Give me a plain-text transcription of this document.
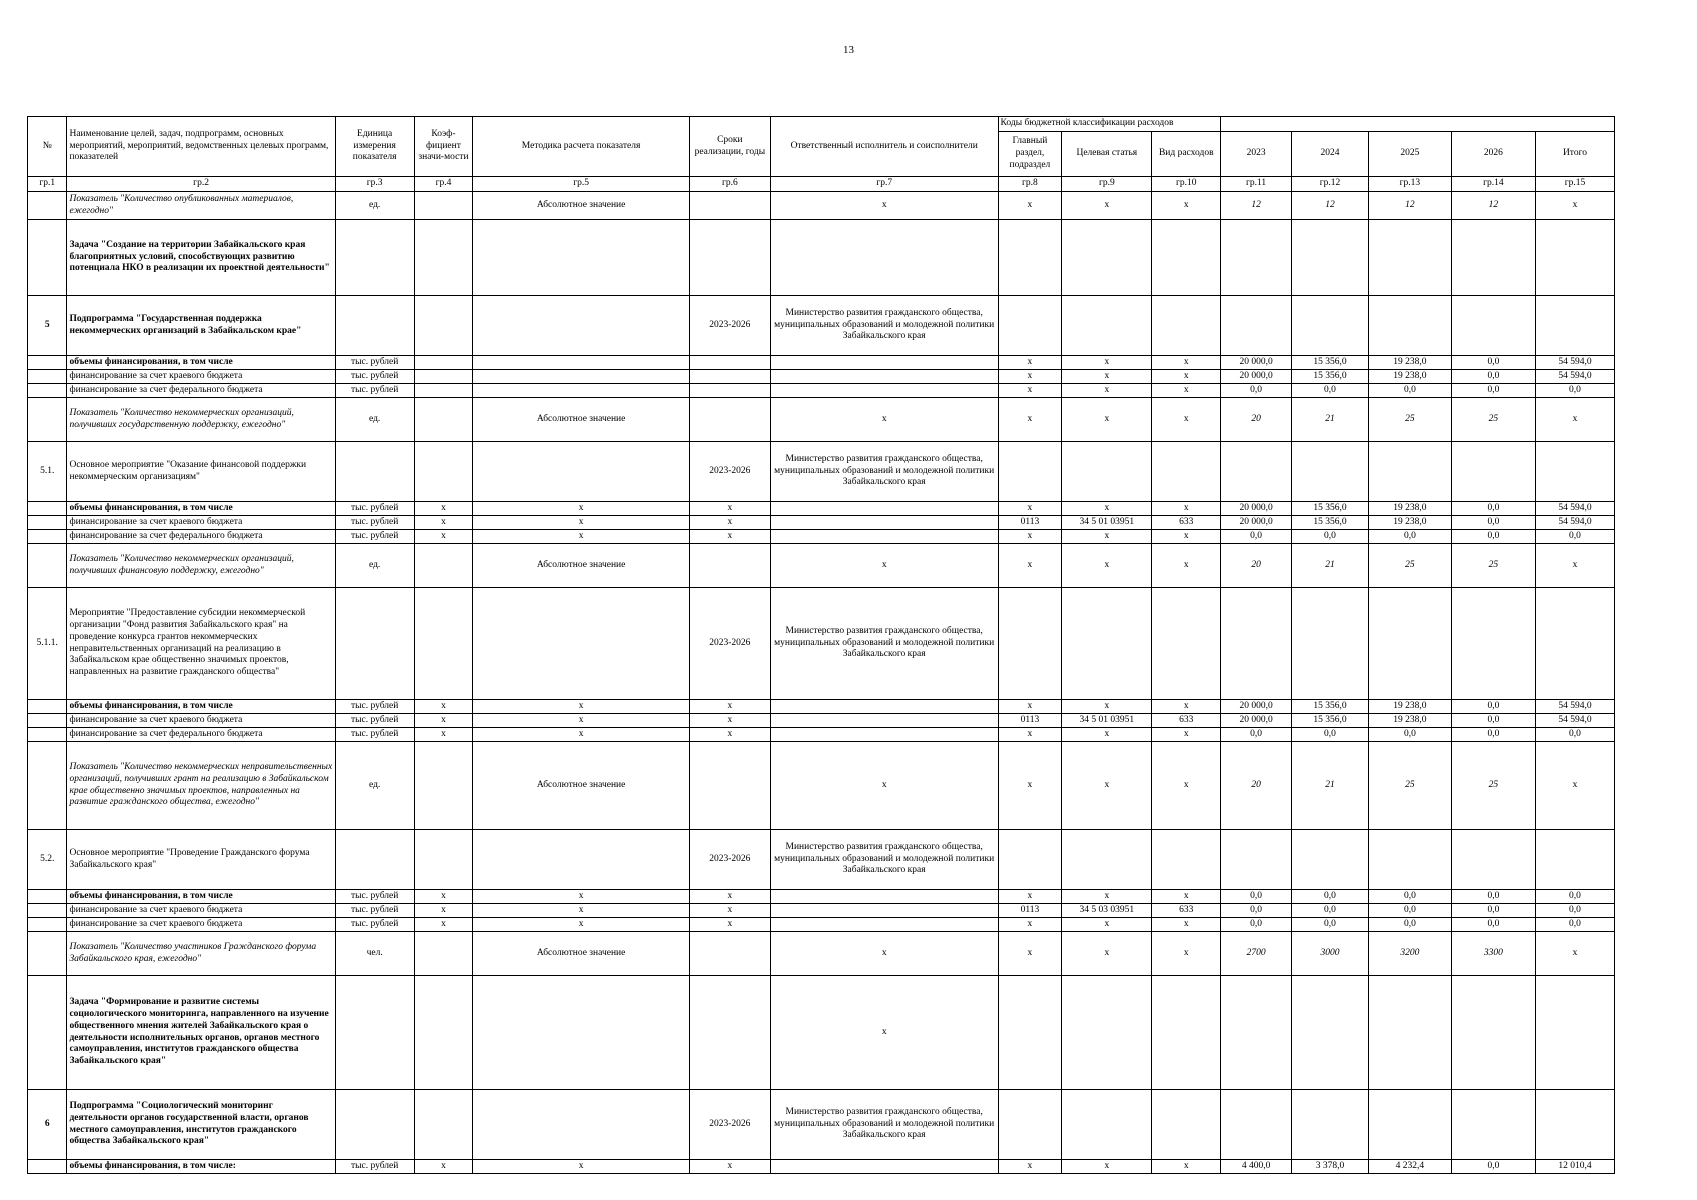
13
№	Наименование целей, задач, подпрограмм, основных мероприятий, мероприятий, ведомственных целевых программ, показателей	Единица измерения показателя	Коэф-фициент значи-мости	Методика расчета показателя	Сроки реализации, годы	Ответственный исполнитель и соисполнители	Коды бюджетной классификации расходов							
							Главный раздел, подраздел	Целевая статья	Вид расходов	2023	2024	2025	2026	Итого
гр.1	гр.2	гр.3	гр.4	гр.5	гр.6	гр.7	гр.8	гр.9	гр.10	гр.11	гр.12	гр.13	гр.14	гр.15
	Показатель "Количество опубликованных материалов, ежегодно"	ед.		Абсолютное значение		х	х	х	х	12	12	12	12	х
	Задача "Создание на территории Забайкальского края благоприятных условий, способствующих развитию потенциала НКО в реализации их проектной деятельности"													
5	Подпрограмма "Государственная поддержка некоммерческих организаций в Забайкальском крае"				2023-2026	Министерство развития гражданского общества, муниципальных образований и молодежной политики Забайкальского края								
	объемы финансирования, в том числе	тыс. рублей					х	х	х	20 000,0	15 356,0	19 238,0	0,0	54 594,0
	финансирование за счет краевого бюджета	тыс. рублей					х	х	х	20 000,0	15 356,0	19 238,0	0,0	54 594,0
	финансирование за счет федерального бюджета	тыс. рублей					х	х	х	0,0	0,0	0,0	0,0	0,0
	Показатель "Количество некоммерческих организаций, получивших государственную поддержку, ежегодно"	ед.		Абсолютное значение		х	х	х	х	20	21	25	25	х
5.1.	Основное мероприятие "Оказание финансовой поддержки некоммерческим организациям"				2023-2026	Министерство развития гражданского общества, муниципальных образований и молодежной политики Забайкальского края								
	объемы финансирования, в том числе	тыс. рублей	х	х	х		х	х	х	20 000,0	15 356,0	19 238,0	0,0	54 594,0
	финансирование за счет краевого бюджета	тыс. рублей	х	х	х		0113	34 5 01 03951	633	20 000,0	15 356,0	19 238,0	0,0	54 594,0
	финансирование за счет федерального бюджета	тыс. рублей	х	х	х		х	х	х	0,0	0,0	0,0	0,0	0,0
	Показатель "Количество некоммерческих организаций, получивших финансовую поддержку, ежегодно"	ед.		Абсолютное значение		х	х	х	х	20	21	25	25	х
5.1.1.	Мероприятие "Предоставление субсидии некоммерческой организации "Фонд развития Забайкальского края" на проведение конкурса грантов некоммерческих неправительственных организаций на реализацию в Забайкальском крае общественно значимых проектов, направленных на развитие гражданского общества"				2023-2026	Министерство развития гражданского общества, муниципальных образований и молодежной политики Забайкальского края								
	объемы финансирования, в том числе	тыс. рублей	х	х	х		х	х	х	20 000,0	15 356,0	19 238,0	0,0	54 594,0
	финансирование за счет краевого бюджета	тыс. рублей	х	х	х		0113	34 5 01 03951	633	20 000,0	15 356,0	19 238,0	0,0	54 594,0
	финансирование за счет федерального бюджета	тыс. рублей	х	х	х		х	х	х	0,0	0,0	0,0	0,0	0,0
	Показатель "Количество некоммерческих неправительственных организаций, получивших грант на реализацию в Забайкальском крае общественно значимых проектов, направленных на развитие гражданского общества, ежегодно"	ед.		Абсолютное значение		х	х	х	х	20	21	25	25	х
5.2.	Основное мероприятие "Проведение Гражданского форума Забайкальского края"				2023-2026	Министерство развития гражданского общества, муниципальных образований и молодежной политики Забайкальского края								
	объемы финансирования, в том числе	тыс. рублей	х	х	х		х	х	х	0,0	0,0	0,0	0,0	0,0
	финансирование за счет краевого бюджета	тыс. рублей	х	х	х		0113	34 5 03 03951	633	0,0	0,0	0,0	0,0	0,0
	финансирование за счет краевого бюджета	тыс. рублей	х	х	х		х	х	х	0,0	0,0	0,0	0,0	0,0
	Показатель "Количество участников Гражданского форума Забайкальского края, ежегодно"	чел.		Абсолютное значение		х	х	х	х	2700	3000	3200	3300	х
	Задача "Формирование и развитие системы социологического мониторинга, направленного на изучение общественного мнения жителей Забайкальского края о деятельности исполнительных органов, органов местного самоуправления, институтов гражданского общества Забайкальского края"					х								
6	Подпрограмма "Социологический мониторинг деятельности органов государственной власти, органов местного самоуправления, институтов гражданского общества Забайкальского края"				2023-2026	Министерство развития гражданского общества, муниципальных образований и молодежной политики Забайкальского края								
	объемы финансирования, в том числе:	тыс. рублей	х	х	х		х	х	х	4 400,0	3 378,0	4 232,4	0,0	12 010,4
